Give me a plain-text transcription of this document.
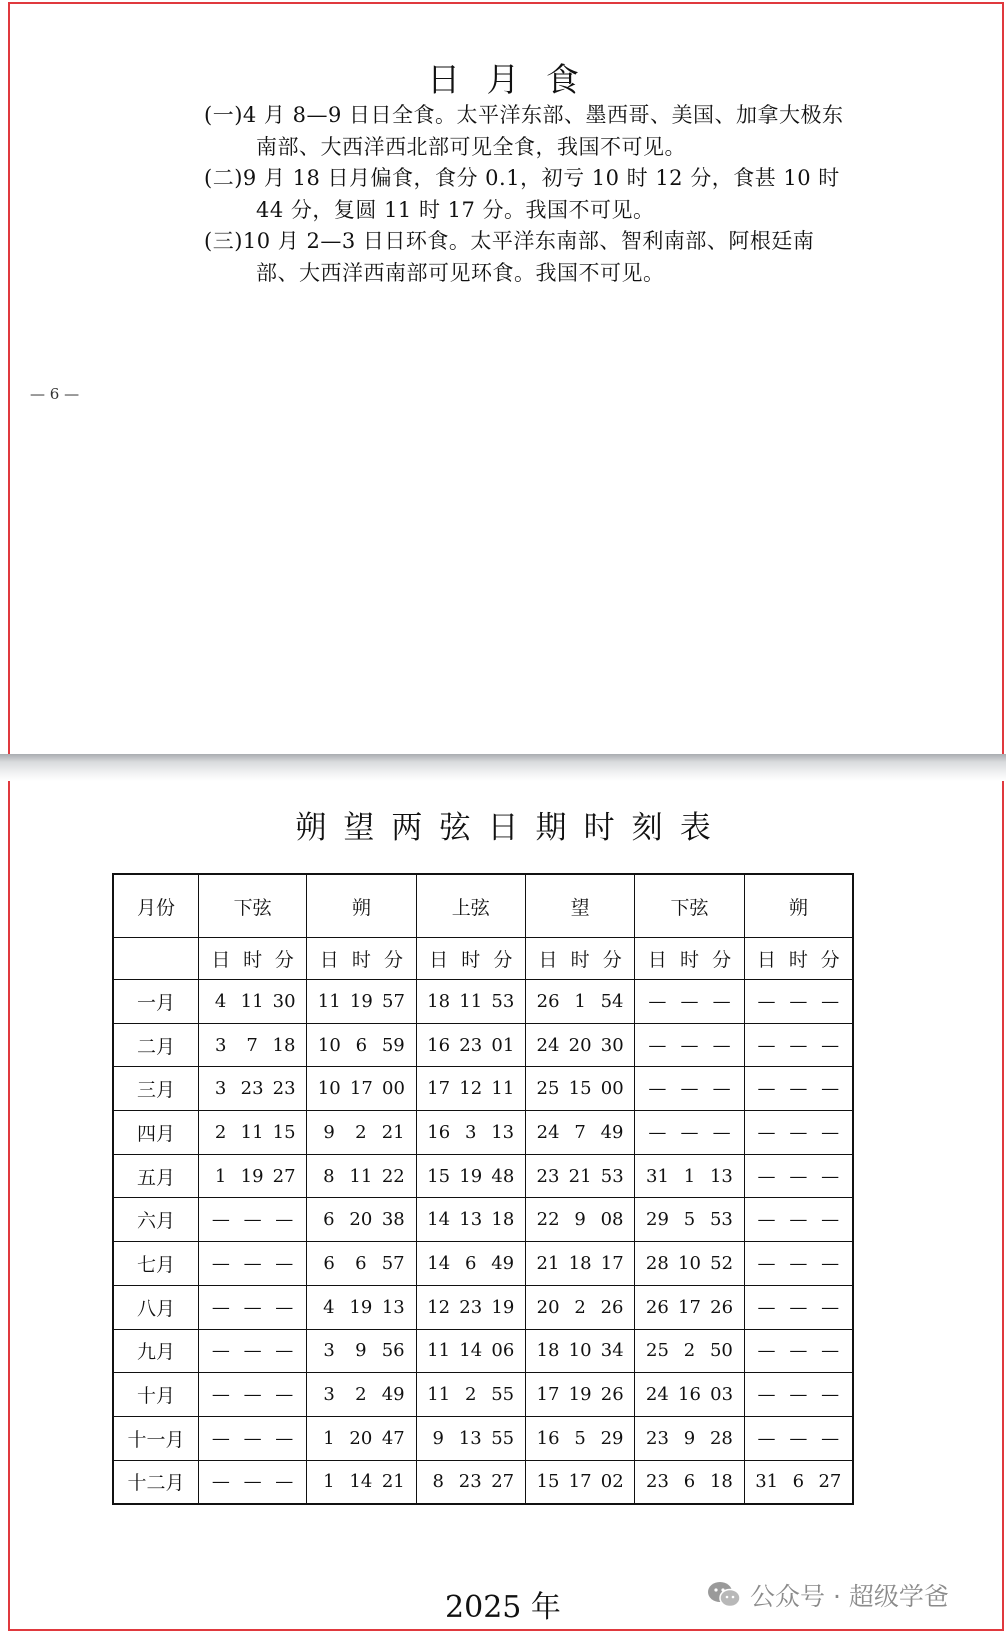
日月食

(一)4 月 8—9 日日全食。太平洋东部、墨西哥、美国、加拿大极东南部、大西洋西北部可见全食，我国不可见。

(二)9 月 18 日月偏食，食分 0.1，初亏 10 时 12 分，食甚 10 时 44 分，复圆 11 时 17 分。我国不可见。

(三)10 月 2—3 日日环食。太平洋东南部、智利南部、阿根廷南部、大西洋西南部可见环食。我国不可见。

— 6 —
朔望两弦日期时刻表
月份	下弦	朔	上弦	望	下弦	朔

	日 时 分	日 时 分	日 时 分	日 时 分	日 时 分	日 时 分

一月	4 11 30	11 19 57	18 11 53	26 1 54	— — —	— — —

二月	3 7 18	10 6 59	16 23 01	24 20 30	— — —	— — —

三月	3 23 23	10 17 00	17 12 11	25 15 00	— — —	— — —

四月	2 11 15	9 2 21	16 3 13	24 7 49	— — —	— — —

五月	1 19 27	8 11 22	15 19 48	23 21 53	31 1 13	— — —

六月	— — —	6 20 38	14 13 18	22 9 08	29 5 53	— — —

七月	— — —	6 6 57	14 6 49	21 18 17	28 10 52	— — —

八月	— — —	4 19 13	12 23 19	20 2 26	26 17 26	— — —

九月	— — —	3 9 56	11 14 06	18 10 34	25 2 50	— — —

十月	— — —	3 2 49	11 2 55	17 19 26	24 16 03	— — —

十一月	— — —	1 20 47	9 13 55	16 5 29	23 9 28	— — —

十二月	— — —	1 14 21	8 23 27	15 17 02	23 6 18	31 6 27
2025 年	公众号 · 超级学爸
